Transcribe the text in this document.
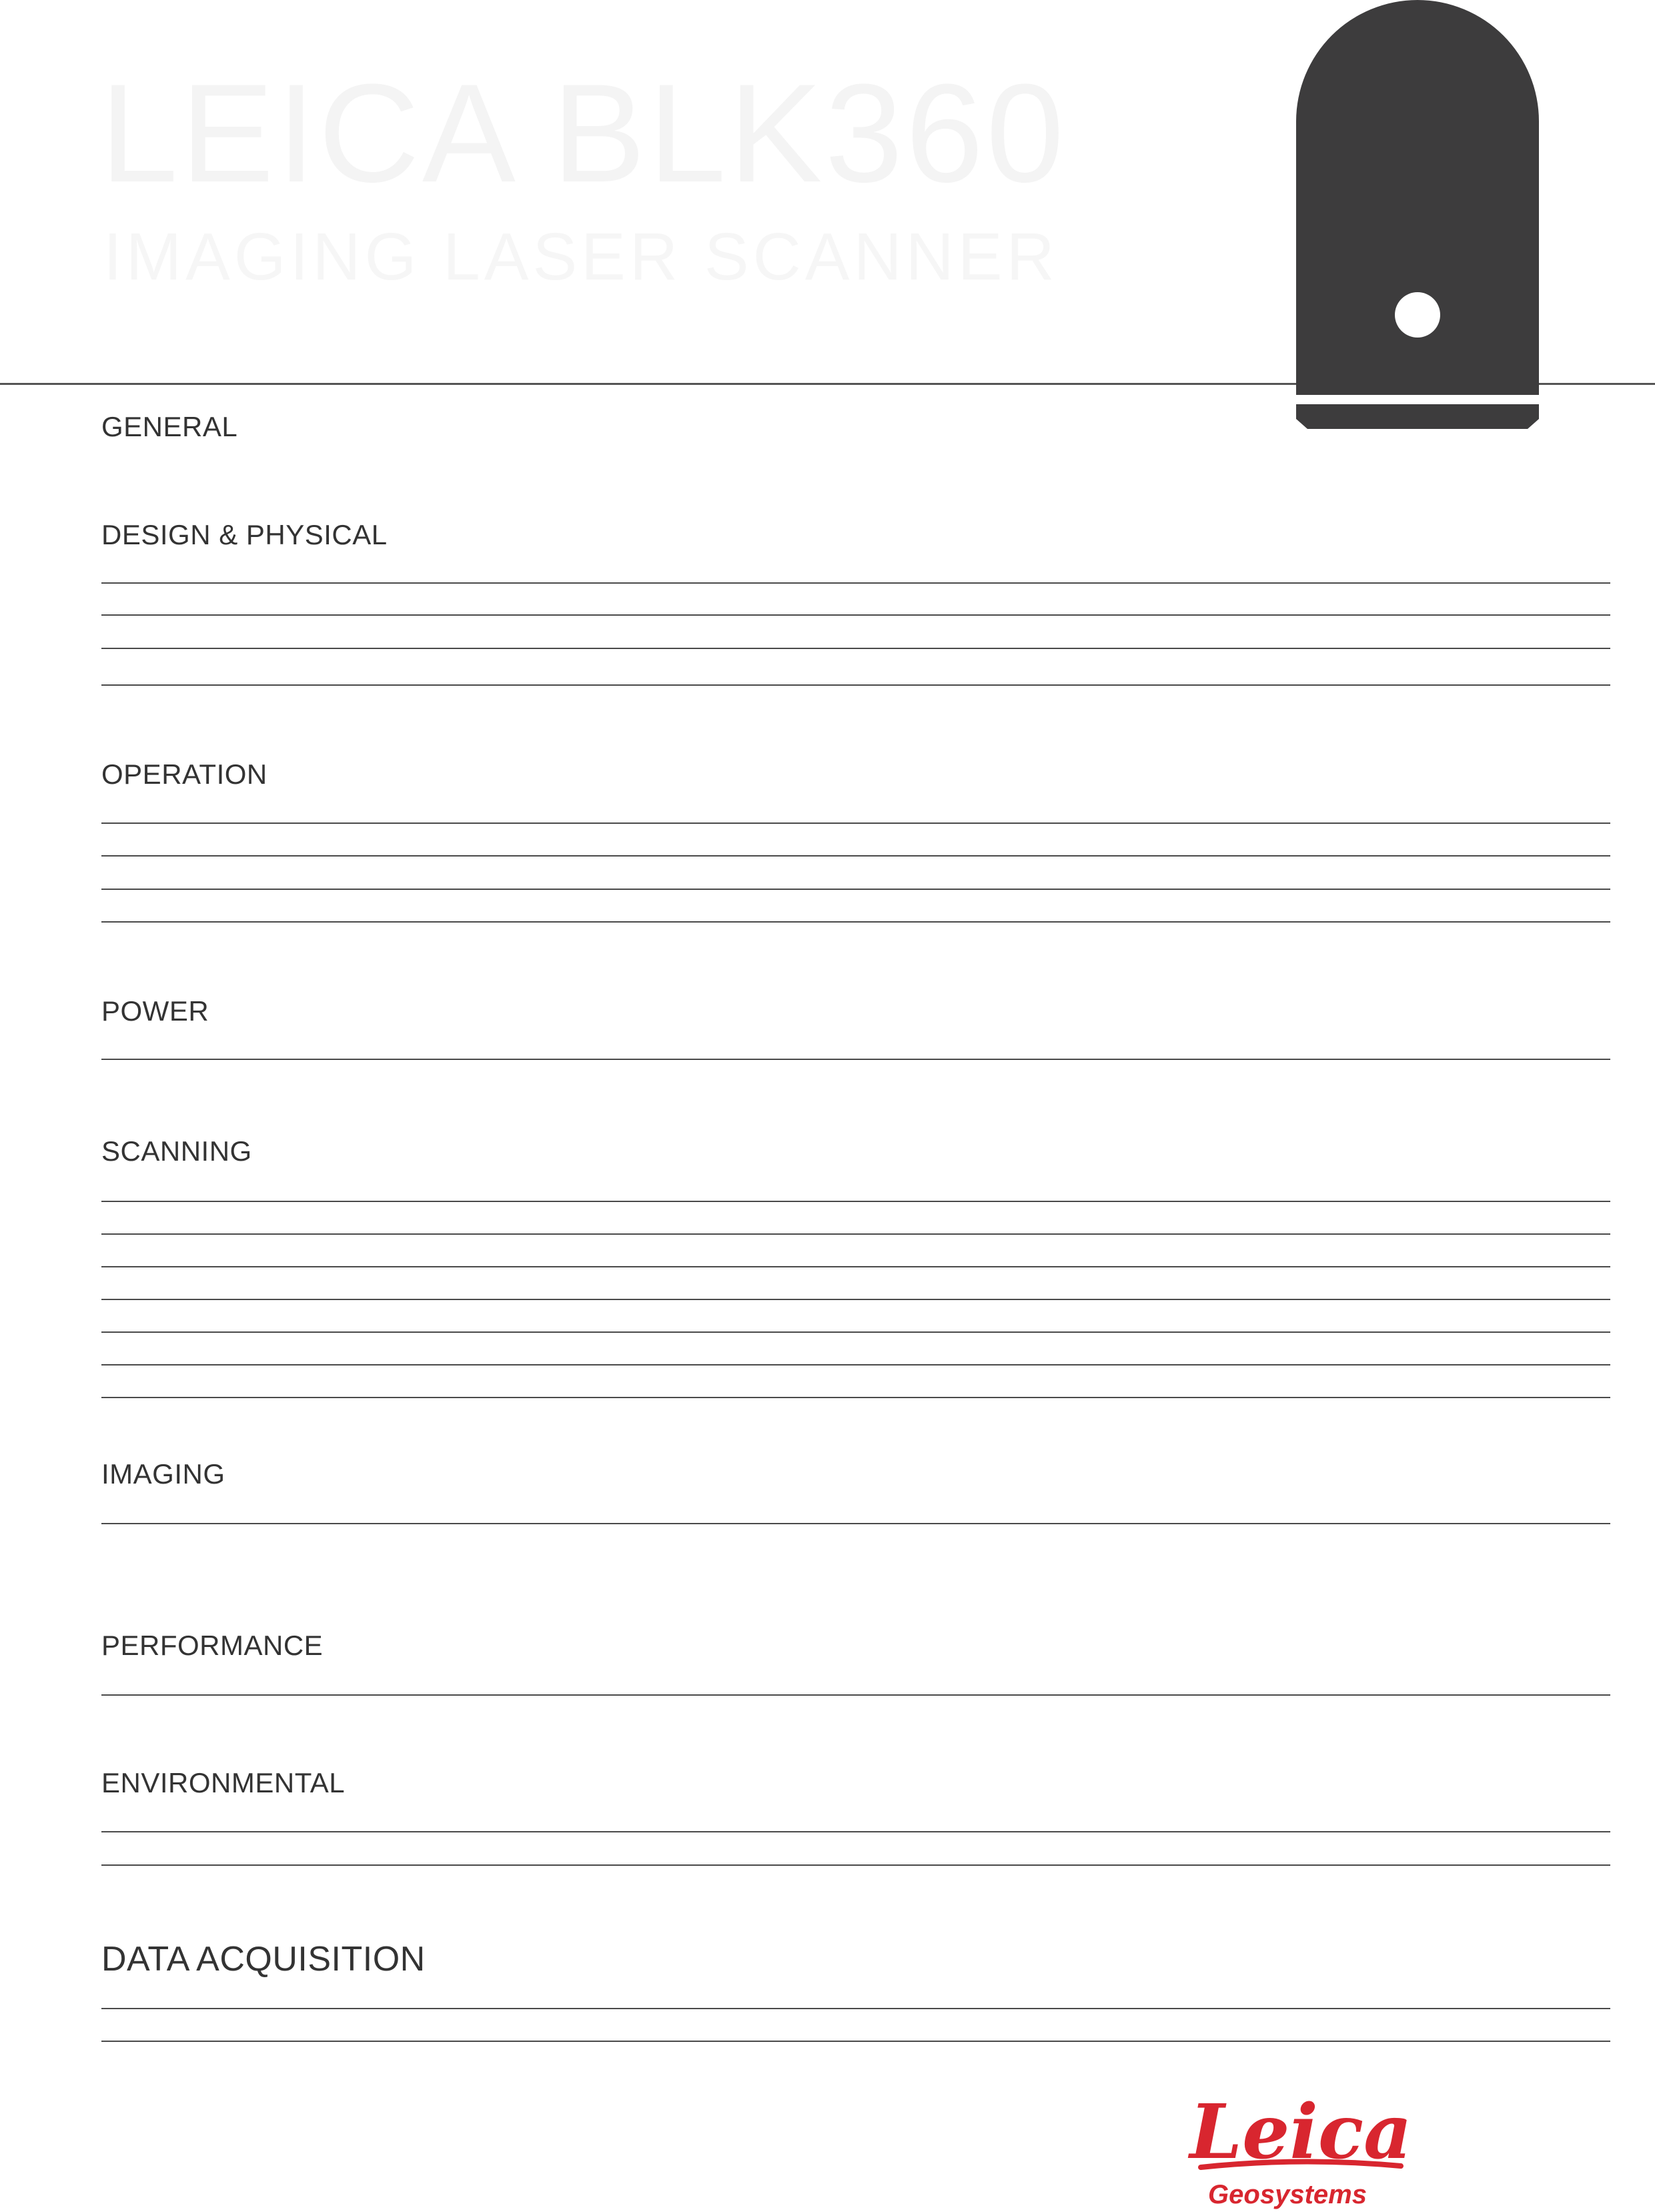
LEICA BLK360
IMAGING LASER SCANNER
GENERAL
DESIGN & PHYSICAL
OPERATION
POWER
SCANNING
IMAGING
PERFORMANCE
ENVIRONMENTAL
DATA ACQUISITION
Leica
Geosystems
